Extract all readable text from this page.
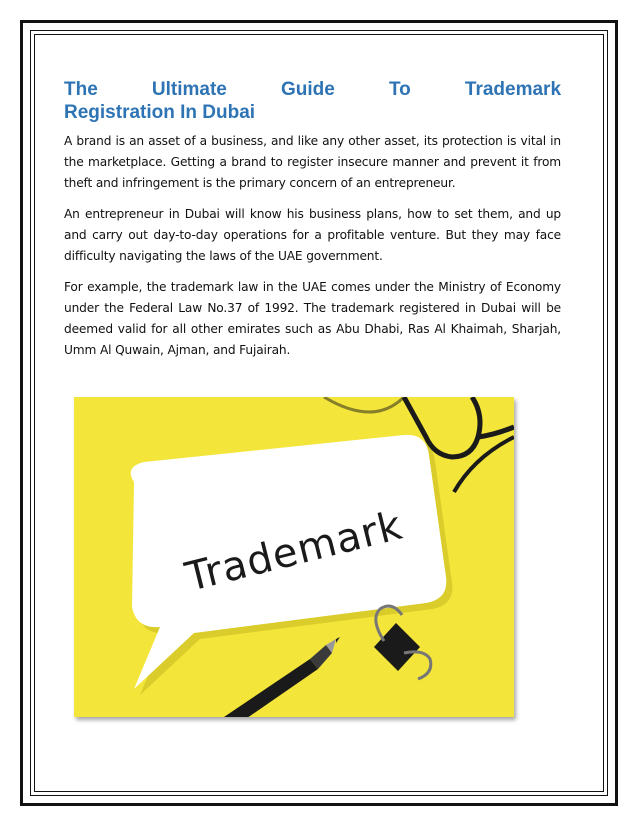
The	Ultimate	Guide	To	Trademark
Registration In Dubai

A brand is an asset of a business, and like any other asset, its protection is vital in the marketplace. Getting a brand to register insecure manner and prevent it from theft and infringement is the primary concern of an entrepreneur.

An entrepreneur in Dubai will know his business plans, how to set them, and up and carry out day-to-day operations for a profitable venture. But they may face difficulty navigating the laws of the UAE government.

For example, the trademark law in the UAE comes under the Ministry of Economy under the Federal Law No.37 of 1992. The trademark registered in Dubai will be deemed valid for all other emirates such as Abu Dhabi, Ras Al Khaimah, Sharjah, Umm Al Quwain, Ajman, and Fujairah.

Trademark
